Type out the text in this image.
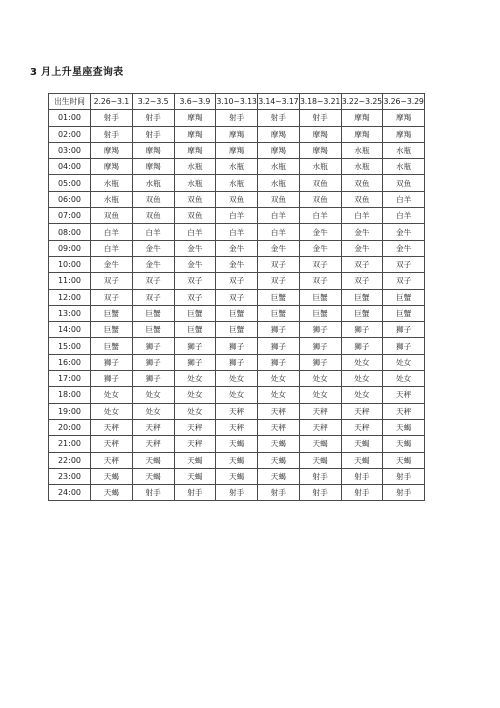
3 月上升星座查询表
出生时间	2.26~3.1	3.2~3.5	3.6~3.9	3.10~3.13	3.14~3.17	3.18~3.21	3.22~3.25	3.26~3.29
01:00	射手	射手	摩羯	射手	射手	射手	摩羯	摩羯
02:00	射手	射手	摩羯	摩羯	摩羯	摩羯	摩羯	摩羯
03:00	摩羯	摩羯	摩羯	摩羯	摩羯	摩羯	水瓶	水瓶
04:00	摩羯	摩羯	水瓶	水瓶	水瓶	水瓶	水瓶	水瓶
05:00	水瓶	水瓶	水瓶	水瓶	水瓶	双鱼	双鱼	双鱼
06:00	水瓶	双鱼	双鱼	双鱼	双鱼	双鱼	双鱼	白羊
07:00	双鱼	双鱼	双鱼	白羊	白羊	白羊	白羊	白羊
08:00	白羊	白羊	白羊	白羊	白羊	金牛	金牛	金牛
09:00	白羊	金牛	金牛	金牛	金牛	金牛	金牛	金牛
10:00	金牛	金牛	金牛	金牛	双子	双子	双子	双子
11:00	双子	双子	双子	双子	双子	双子	双子	双子
12:00	双子	双子	双子	双子	巨蟹	巨蟹	巨蟹	巨蟹
13:00	巨蟹	巨蟹	巨蟹	巨蟹	巨蟹	巨蟹	巨蟹	巨蟹
14:00	巨蟹	巨蟹	巨蟹	巨蟹	狮子	狮子	狮子	狮子
15:00	巨蟹	狮子	狮子	狮子	狮子	狮子	狮子	狮子
16:00	狮子	狮子	狮子	狮子	狮子	狮子	处女	处女
17:00	狮子	狮子	处女	处女	处女	处女	处女	处女
18:00	处女	处女	处女	处女	处女	处女	处女	天秤
19:00	处女	处女	处女	天秤	天秤	天秤	天秤	天秤
20:00	天秤	天秤	天秤	天秤	天秤	天秤	天秤	天蝎
21:00	天秤	天秤	天秤	天蝎	天蝎	天蝎	天蝎	天蝎
22:00	天秤	天蝎	天蝎	天蝎	天蝎	天蝎	天蝎	天蝎
23:00	天蝎	天蝎	天蝎	天蝎	天蝎	射手	射手	射手
24:00	天蝎	射手	射手	射手	射手	射手	射手	射手
